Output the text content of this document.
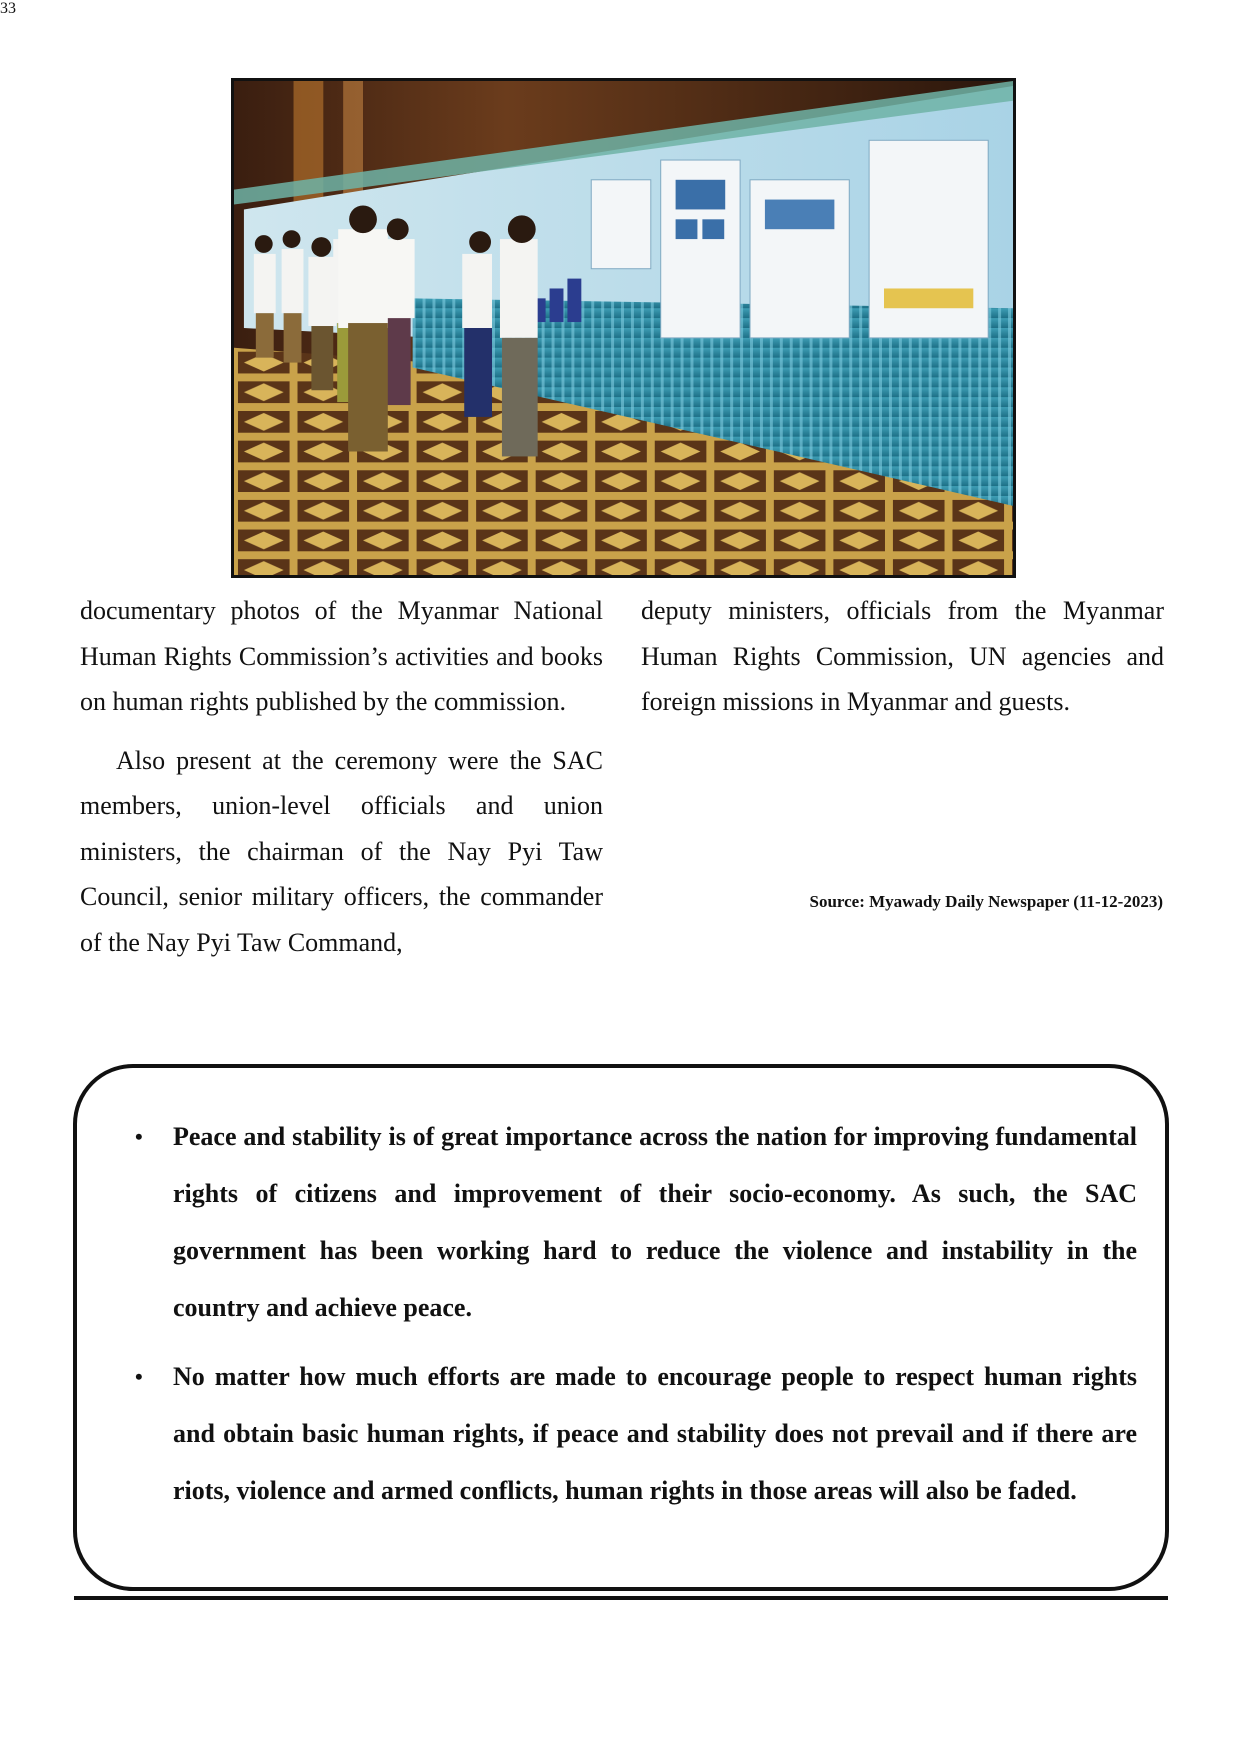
33

documentary photos of the Myanmar National Human Rights Commission’s activities and books on human rights published by the commission.

Also present at the ceremony were the SAC members, union-level officials and union ministers, the chairman of the Nay Pyi Taw Council, senior military officers, the commander of the Nay Pyi Taw Command,

deputy ministers, officials from the Myanmar Human Rights Commission, UN agencies and foreign missions in Myanmar and guests.

Source: Myawady Daily Newspaper (11-12-2023)
• Peace and stability is of great importance across the nation for improving fundamental rights of citizens and improvement of their socio-economy. As such, the SAC government has been working hard to reduce the violence and instability in the country and achieve peace.
• No matter how much efforts are made to encourage people to respect human rights and obtain basic human rights, if peace and stability does not prevail and if there are riots, violence and armed conflicts, human rights in those areas will also be faded.
